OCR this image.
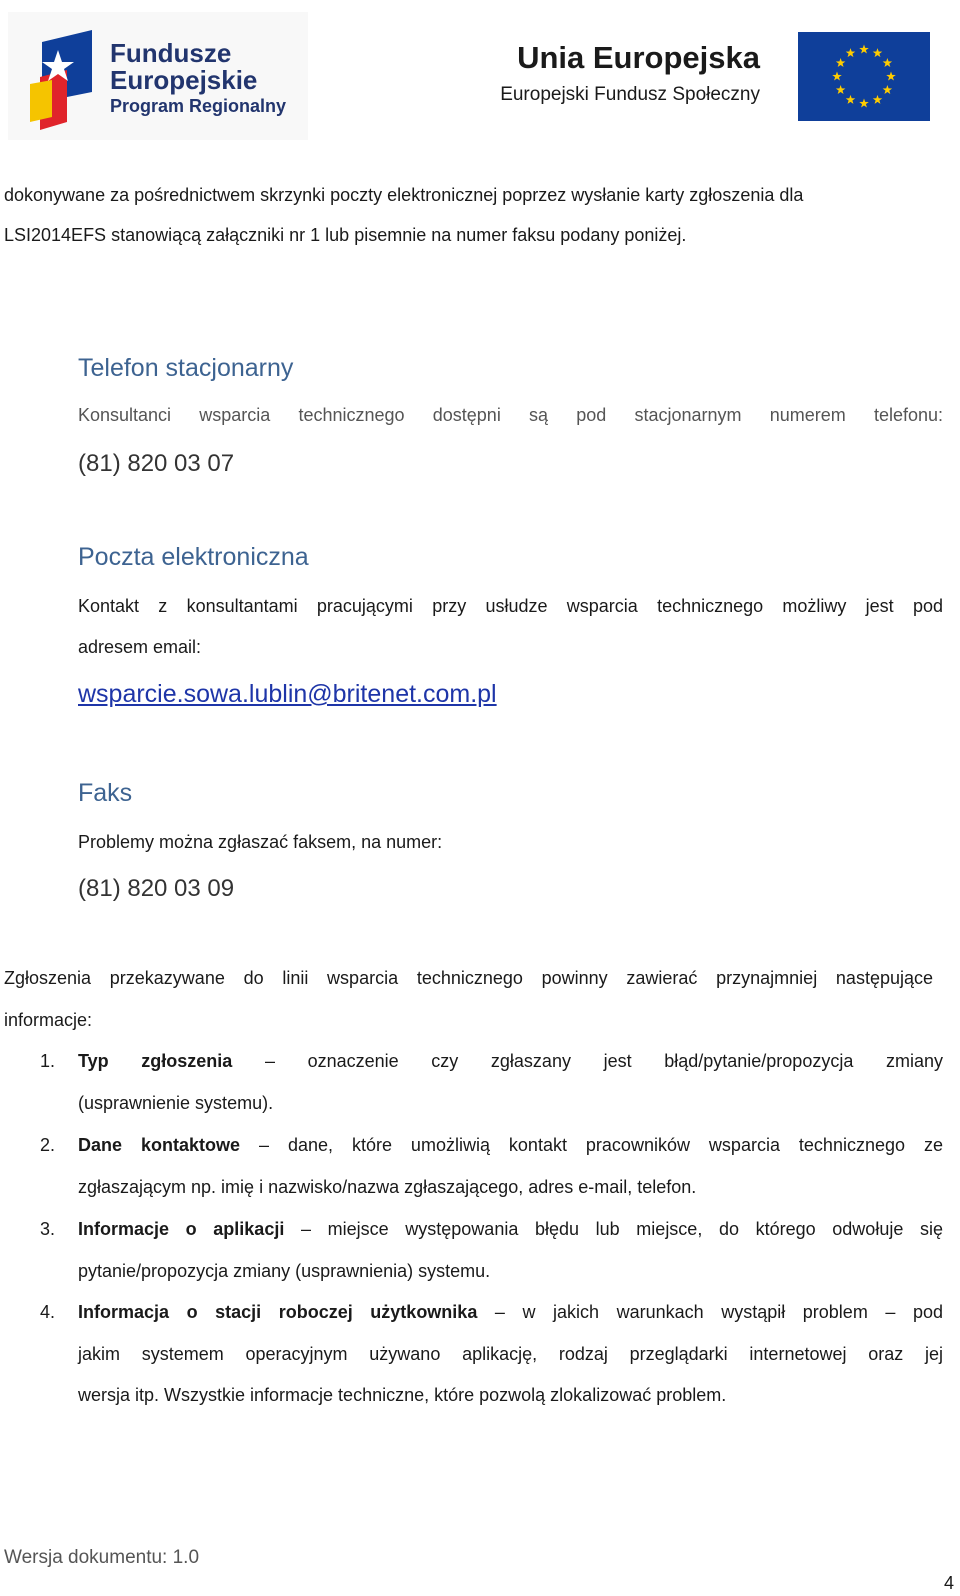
Fundusze
Europejskie
Program Regionalny
Unia Europejska
Europejski Fundusz Społeczny
dokonywane za pośrednictwem skrzynki poczty elektronicznej poprzez wysłanie karty zgłoszenia dla
LSI2014EFS stanowiącą załączniki nr 1 lub pisemnie na numer faksu podany poniżej.
Telefon stacjonarny
Konsultanci wsparcia technicznego dostępni są pod stacjonarnym numerem telefonu:
(81) 820 03 07
Poczta elektroniczna
Kontakt z konsultantami pracującymi przy usłudze wsparcia technicznego możliwy jest pod
adresem email:
wsparcie.sowa.lublin@britenet.com.pl
Faks
Problemy można zgłaszać faksem, na numer:
(81) 820 03 09
Zgłoszenia przekazywane do linii wsparcia technicznego powinny zawierać przynajmniej następujące
informacje:
1. Typ zgłoszenia – oznaczenie czy zgłaszany jest błąd/pytanie/propozycja zmiany
(usprawnienie systemu).
2. Dane kontaktowe – dane, które umożliwią kontakt pracowników wsparcia technicznego ze
zgłaszającym np. imię i nazwisko/nazwa zgłaszającego, adres e-mail, telefon.
3. Informacje o aplikacji – miejsce występowania błędu lub miejsce, do którego odwołuje się
pytanie/propozycja zmiany (usprawnienia) systemu.
4. Informacja o stacji roboczej użytkownika – w jakich warunkach wystąpił problem – pod
jakim systemem operacyjnym używano aplikację, rodzaj przeglądarki internetowej oraz jej
wersja itp. Wszystkie informacje techniczne, które pozwolą zlokalizować problem.
Wersja dokumentu: 1.0
4
